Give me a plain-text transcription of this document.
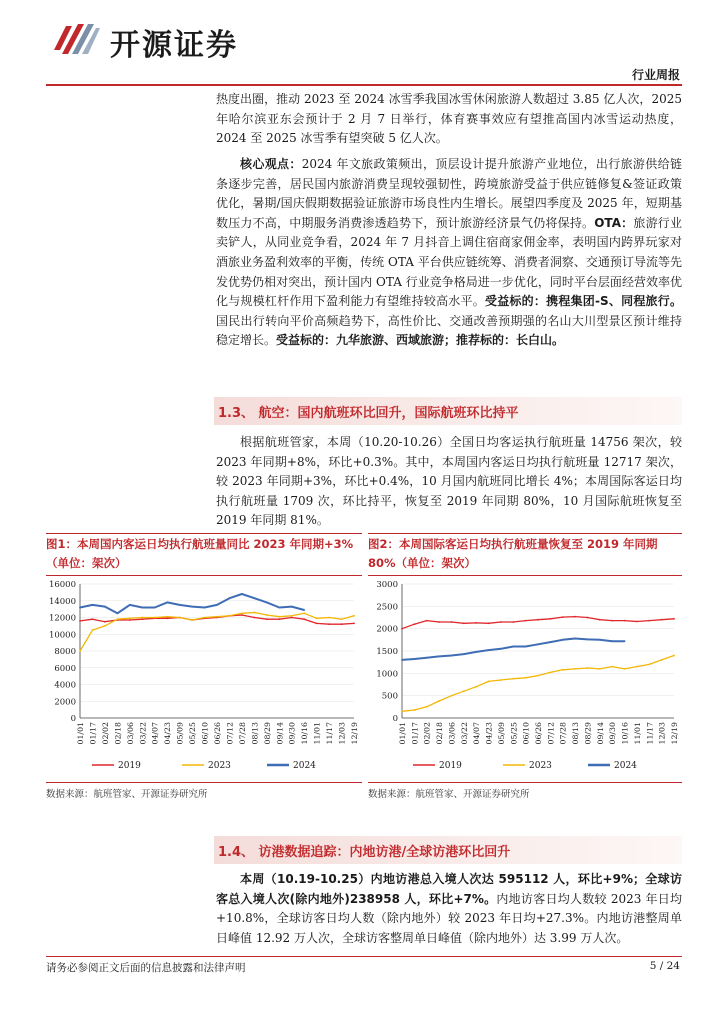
开源证券
行业周报

热度出圈，推动 2023 至 2024 冰雪季我国冰雪休闲旅游人数超过 3.85 亿人次，2025 年哈尔滨亚东会预计于 2 月 7 日举行，体育赛事效应有望推高国内冰雪运动热度，2024 至 2025 冰雪季有望突破 5 亿人次。

核心观点：2024 年文旅政策频出，顶层设计提升旅游产业地位，出行旅游供给链条逐步完善，居民国内旅游消费呈现较强韧性，跨境旅游受益于供应链修复&签证政策优化，暑期/国庆假期数据验证旅游市场良性内生增长。展望四季度及 2025 年，短期基数压力不高，中期服务消费渗透趋势下，预计旅游经济景气仍将保持。OTA：旅游行业卖铲人，从同业竞争看，2024 年 7 月抖音上调住宿商家佣金率，表明国内跨界玩家对酒旅业务盈利效率的平衡，传统 OTA 平台供应链统筹、消费者洞察、交通预订导流等先发优势仍相对突出，预计国内 OTA 行业竞争格局进一步优化，同时平台层面经营效率优化与规模杠杆作用下盈利能力有望维持较高水平。受益标的：携程集团-S、同程旅行。国民出行转向平价高频趋势下，高性价比、交通改善预期强的名山大川型景区预计维持稳定增长。受益标的：九华旅游、西域旅游；推荐标的：长白山。

1.3、 航空：国内航班环比回升，国际航班环比持平

根据航班管家，本周（10.20-10.26）全国日均客运执行航班量 14756 架次，较 2023 年同期+8%，环比+0.3%。其中，本周国内客运日均执行航班量 12717 架次，较 2023 年同期+3%，环比+0.4%，10 月国内航班同比增长 4%；本周国际客运日均执行航班量 1709 次，环比持平，恢复至 2019 年同期 80%，10 月国际航班恢复至 2019 年同期 81%。

图1：本周国内客运日均执行航班量同比 2023 年同期+3%（单位：架次）

0
2000
4000
6000
8000
10000
12000
14000
16000
01/01 01/17 02/02 02/18 03/06 03/22 04/07 04/23 05/09 05/25 06/10 06/26 07/12 07/28 08/13 08/29 09/14 09/30 10/16 11/01 11/17 12/03 12/19
2019	2023	2024
数据来源：航班管家、开源证券研究所

图2：本周国际客运日均执行航班量恢复至 2019 年同期 80%（单位：架次）

0
500
1000
1500
2000
2500
3000
01/01 01/17 02/02 02/18 03/06 03/22 04/07 04/23 05/09 05/25 06/10 06/26 07/12 07/28 08/13 08/29 09/14 09/30 10/16 11/01 11/17 12/03 12/19
2019	2023	2024
数据来源：航班管家、开源证券研究所
1.4、 访港数据追踪：内地访港/全球访港环比回升

本周（10.19-10.25）内地访港总入境人次达 595112 人，环比+9%；全球访客总入境人次(除内地外)238958 人，环比+7%。内地访客日均人数较 2023 年日均+10.8%，全球访客日均人数（除内地外）较 2023 年日均+27.3%。内地访港整周单日峰值 12.92 万人次，全球访客整周单日峰值（除内地外）达 3.99 万人次。

请务必参阅正文后面的信息披露和法律声明	5 / 24
